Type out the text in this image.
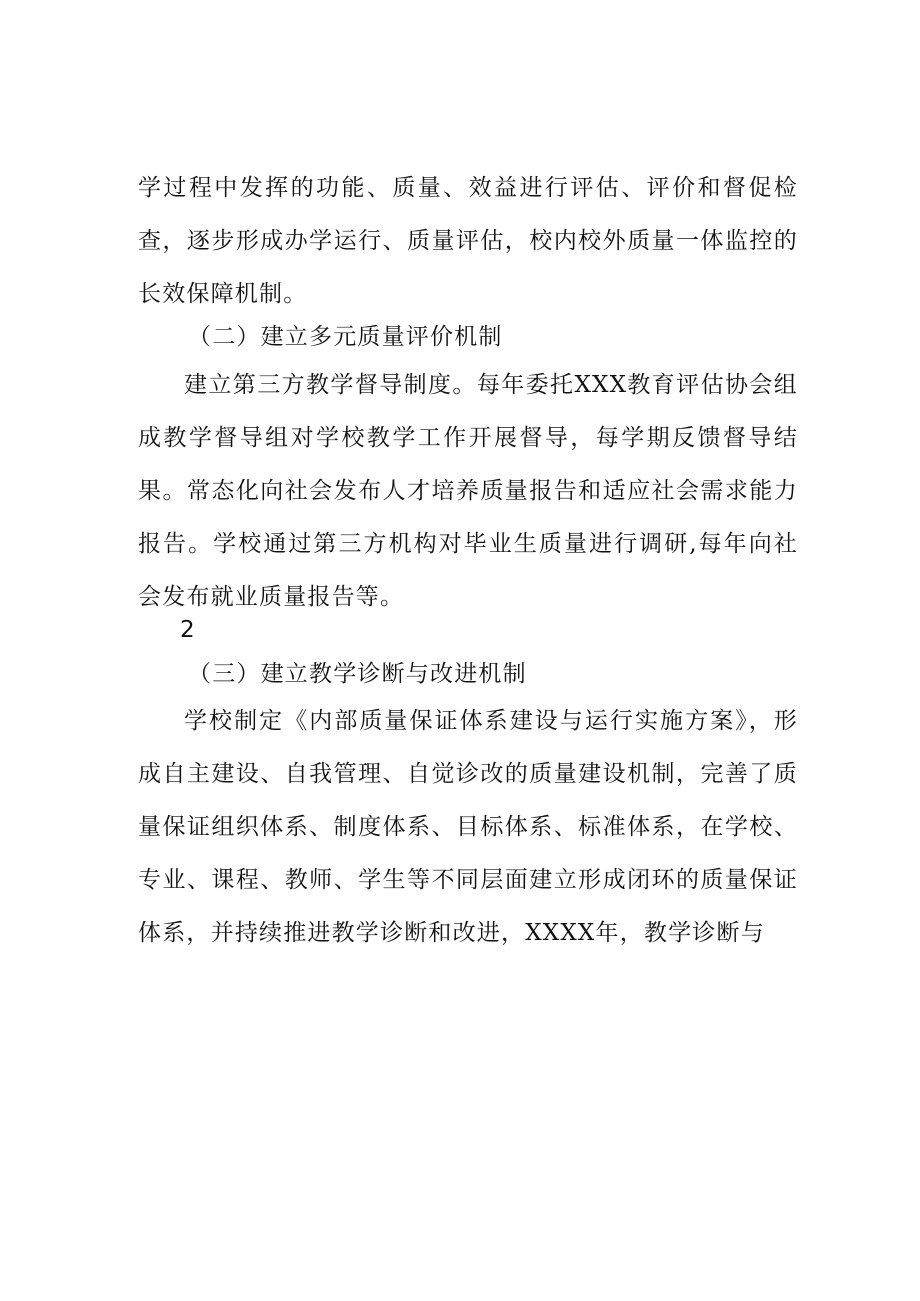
学过程中发挥的功能、质量、效益进行评估、评价和督促检查，逐步形成办学运行、质量评估，校内校外质量一体监控的长效保障机制。

（二）建立多元质量评价机制

建立第三方教学督导制度。每年委托XXX教育评估协会组成教学督导组对学校教学工作开展督导，每学期反馈督导结果。常态化向社会发布人才培养质量报告和适应社会需求能力报告。学校通过第三方机构对毕业生质量进行调研,每年向社会发布就业质量报告等。

2

（三）建立教学诊断与改进机制

学校制定《内部质量保证体系建设与运行实施方案》，形成自主建设、自我管理、自觉诊改的质量建设机制，完善了质量保证组织体系、制度体系、目标体系、标准体系，在学校、专业、课程、教师、学生等不同层面建立形成闭环的质量保证体系，并持续推进教学诊断和改进，XXXX年，教学诊断与
